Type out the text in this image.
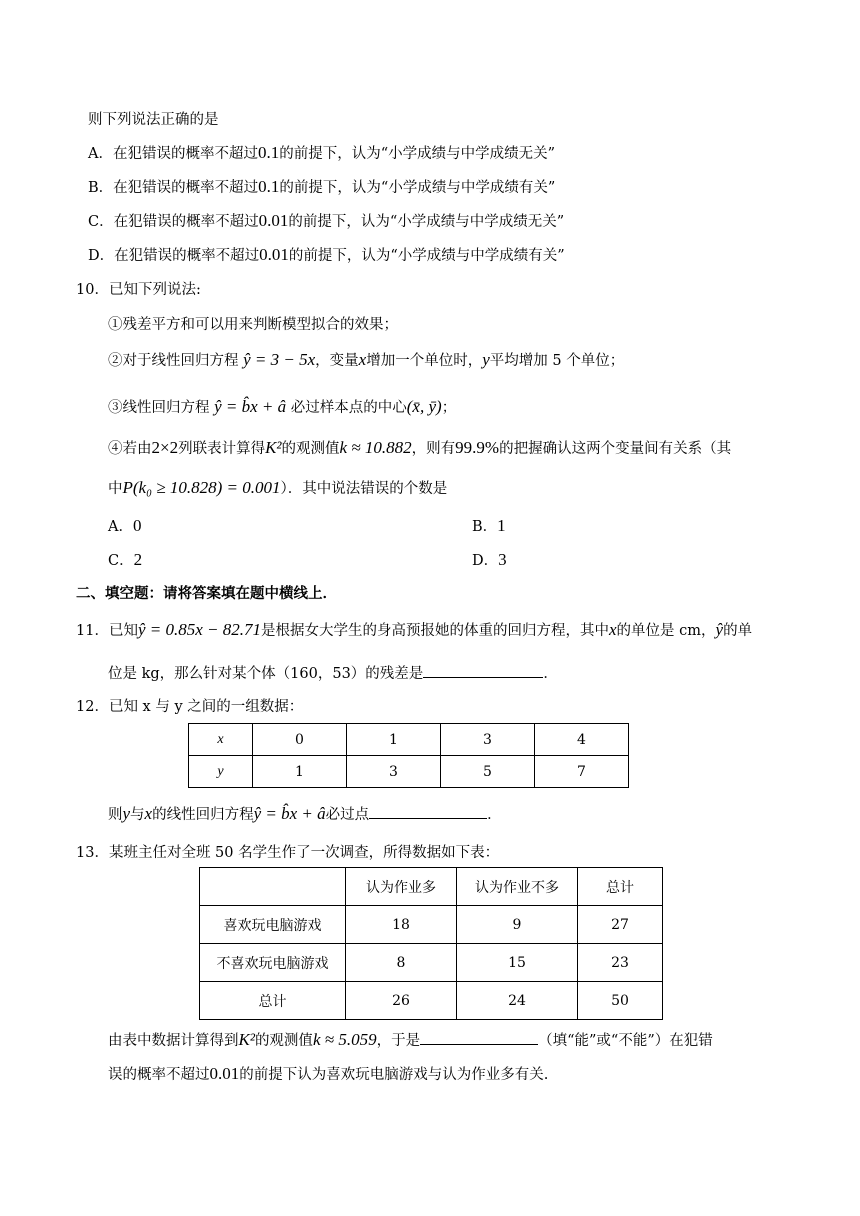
则下列说法正确的是
A．在犯错误的概率不超过0.1的前提下，认为“小学成绩与中学成绩无关”
B．在犯错误的概率不超过0.1的前提下，认为“小学成绩与中学成绩有关”
C．在犯错误的概率不超过0.01的前提下，认为“小学成绩与中学成绩无关”
D．在犯错误的概率不超过0.01的前提下，认为“小学成绩与中学成绩有关”
10．已知下列说法:
①残差平方和可以用来判断模型拟合的效果；
②对于线性回归方程 ŷ = 3 − 5x，变量x增加一个单位时，y平均增加 5 个单位；
③线性回归方程 ŷ = b̂x + â 必过样本点的中心(x̄, ȳ)；
④若由2×2列联表计算得K²的观测值k ≈ 10.882，则有99.9%的把握确认这两个变量间有关系（其
中P(k₀ ≥ 10.828) = 0.001）．其中说法错误的个数是
A．0	B．1
C．2	D．3
二、填空题：请将答案填在题中横线上．
11．已知ŷ = 0.85x − 82.71是根据女大学生的身高预报她的体重的回归方程，其中x的单位是 cm，ŷ的单
位是 kg，那么针对某个体（160，53）的残差是	．
12．已知 x 与 y 之间的一组数据：
x	0	1	3	4
y	1	3	5	7
则y与x的线性回归方程ŷ = b̂x + â必过点	．
13．某班主任对全班 50 名学生作了一次调查，所得数据如下表：
	认为作业多	认为作业不多	总计
喜欢玩电脑游戏	18	9	27
不喜欢玩电脑游戏	8	15	23
总计	26	24	50
由表中数据计算得到K²的观测值k ≈ 5.059，于是	（填“能”或“不能”）在犯错
误的概率不超过0.01的前提下认为喜欢玩电脑游戏与认为作业多有关.
